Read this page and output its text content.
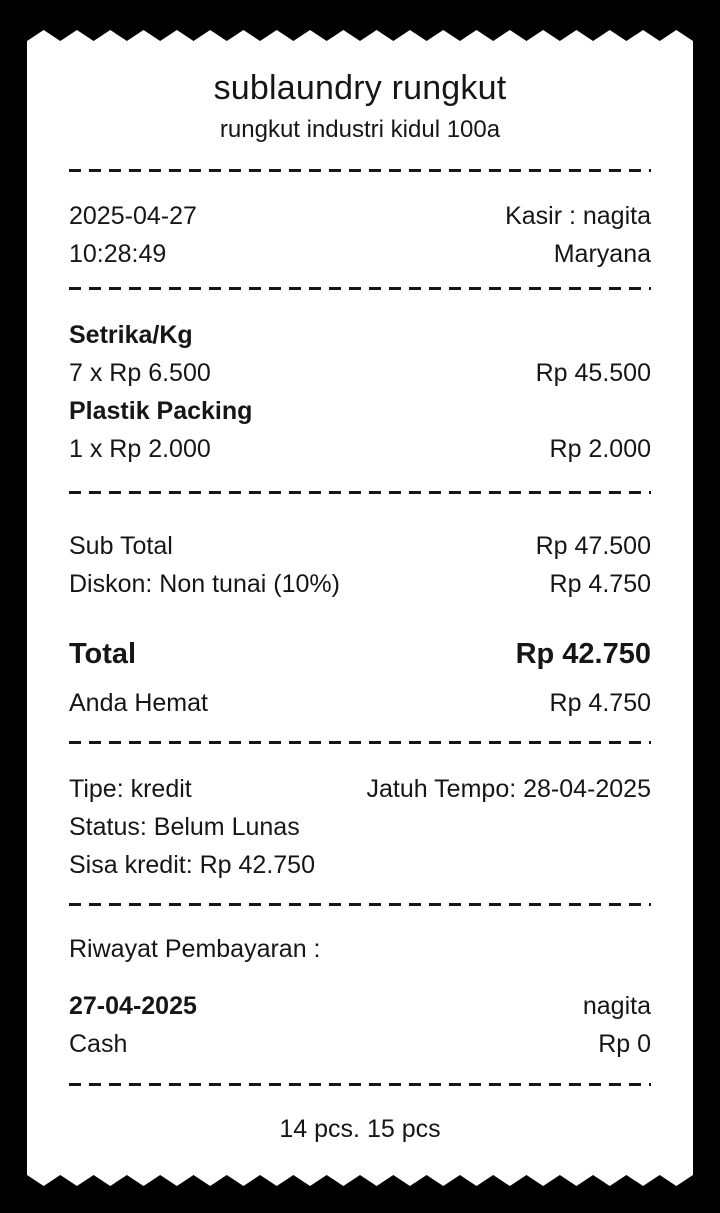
sublaundry rungkut
rungkut industri kidul 100a
2025-04-27	Kasir : nagita
10:28:49	Maryana
Setrika/Kg
7 x Rp 6.500	Rp 45.500
Plastik Packing
1 x Rp 2.000	Rp 2.000
Sub Total	Rp 47.500
Diskon: Non tunai (10%)	Rp 4.750
Total	Rp 42.750
Anda Hemat	Rp 4.750
Tipe: kredit	Jatuh Tempo: 28-04-2025
Status: Belum Lunas
Sisa kredit: Rp 42.750
Riwayat Pembayaran :
27-04-2025	nagita
Cash	Rp 0
14 pcs. 15 pcs
